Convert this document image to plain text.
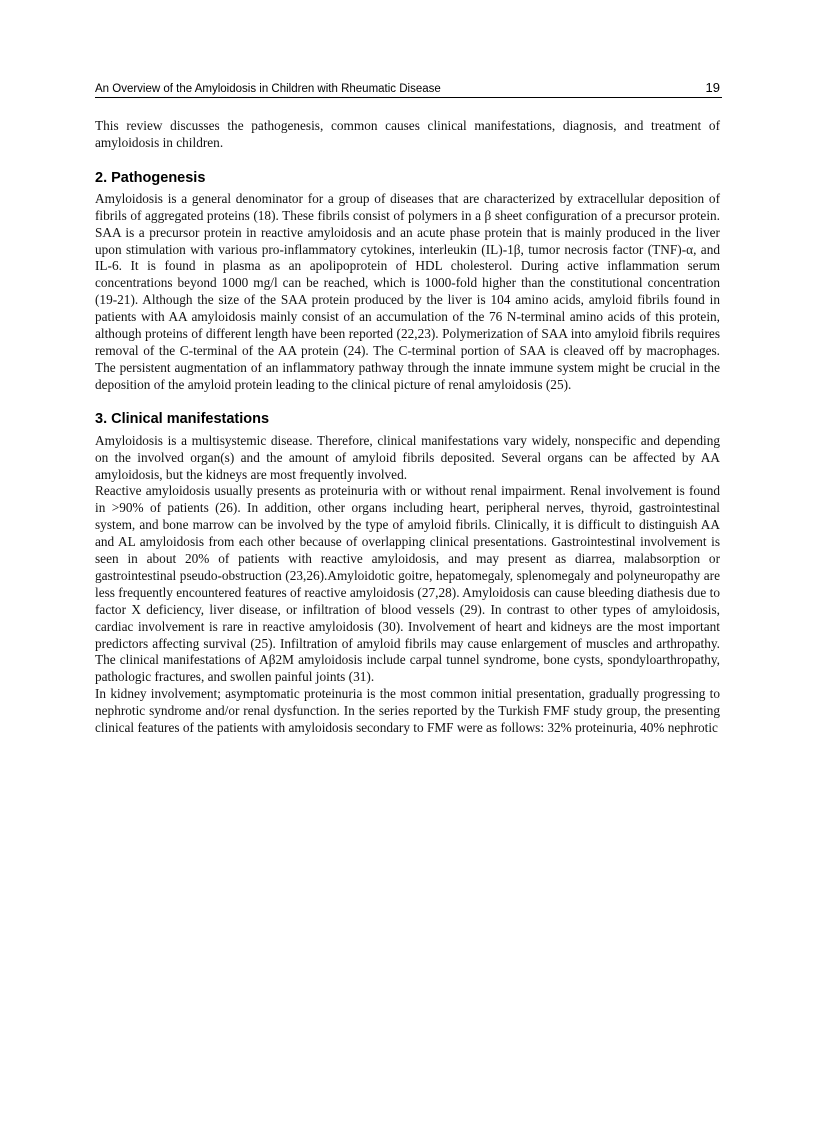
An Overview of the Amyloidosis in Children with Rheumatic Disease	19

This review discusses the pathogenesis, common causes clinical manifestations, diagnosis, and treatment of amyloidosis in children.

2. Pathogenesis

Amyloidosis is a general denominator for a group of diseases that are characterized by extracellular deposition of fibrils of aggregated proteins (18). These fibrils consist of polymers in a β sheet configuration of a precursor protein. SAA is a precursor protein in reactive amyloidosis and an acute phase protein that is mainly produced in the liver upon stimulation with various pro-inflammatory cytokines, interleukin (IL)-1β, tumor necrosis factor (TNF)-α, and IL-6. It is found in plasma as an apolipoprotein of HDL cholesterol. During active inflammation serum concentrations beyond 1000 mg/l can be reached, which is 1000-fold higher than the constitutional concentration (19-21). Although the size of the SAA protein produced by the liver is 104 amino acids, amyloid fibrils found in patients with AA amyloidosis mainly consist of an accumulation of the 76 N-terminal amino acids of this protein, although proteins of different length have been reported (22,23). Polymerization of SAA into amyloid fibrils requires removal of the C-terminal of the AA protein (24). The C-terminal portion of SAA is cleaved off by macrophages. The persistent augmentation of an inflammatory pathway through the innate immune system might be crucial in the deposition of the amyloid protein leading to the clinical picture of renal amyloidosis (25).

3. Clinical manifestations

Amyloidosis is a multisystemic disease. Therefore, clinical manifestations vary widely, nonspecific and depending on the involved organ(s) and the amount of amyloid fibrils deposited. Several organs can be affected by AA amyloidosis, but the kidneys are most frequently involved.

Reactive amyloidosis usually presents as proteinuria with or without renal impairment. Renal involvement is found in >90% of patients (26). In addition, other organs including heart, peripheral nerves, thyroid, gastrointestinal system, and bone marrow can be involved by the type of amyloid fibrils. Clinically, it is difficult to distinguish AA and AL amyloidosis from each other because of overlapping clinical presentations. Gastrointestinal involvement is seen in about 20% of patients with reactive amyloidosis, and may present as diarrea, malabsorption or gastrointestinal pseudo-obstruction (23,26).Amyloidotic goitre, hepatomegaly, splenomegaly and polyneuropathy are less frequently encountered features of reactive amyloidosis (27,28). Amyloidosis can cause bleeding diathesis due to factor X deficiency, liver disease, or infiltration of blood vessels (29). In contrast to other types of amyloidosis, cardiac involvement is rare in reactive amyloidosis (30). Involvement of heart and kidneys are the most important predictors affecting survival (25). Infiltration of amyloid fibrils may cause enlargement of muscles and arthropathy. The clinical manifestations of Aβ2M amyloidosis include carpal tunnel syndrome, bone cysts, spondyloarthropathy, pathologic fractures, and swollen painful joints (31).

In kidney involvement; asymptomatic proteinuria is the most common initial presentation, gradually progressing to nephrotic syndrome and/or renal dysfunction. In the series reported by the Turkish FMF study group, the presenting clinical features of the patients with amyloidosis secondary to FMF were as follows: 32% proteinuria, 40% nephrotic
